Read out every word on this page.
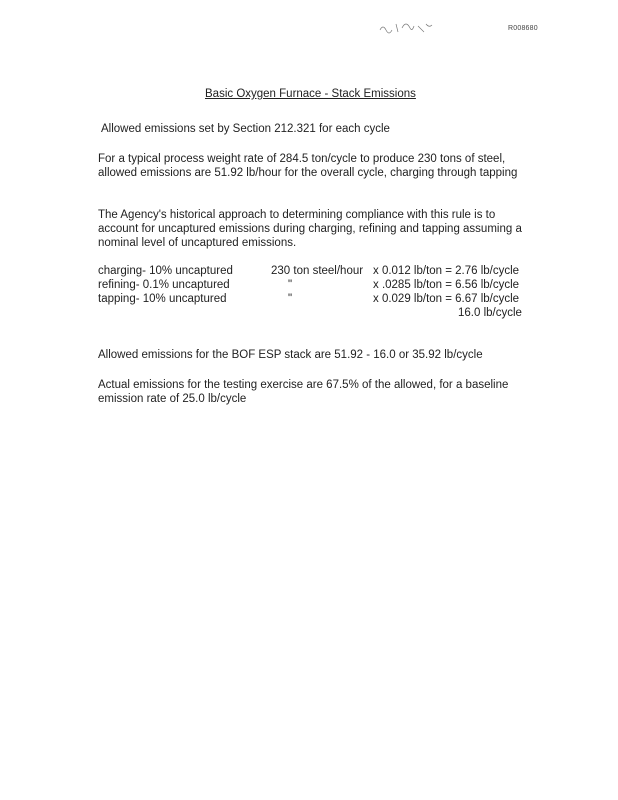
R008680
Basic Oxygen Furnace - Stack Emissions
Allowed emissions set by Section 212.321 for each cycle
For a typical process weight rate of 284.5 ton/cycle to produce 230 tons of steel, allowed emissions are 51.92 lb/hour for the overall cycle, charging through tapping
The Agency's historical approach to determining compliance with this rule is to account for uncaptured emissions during charging, refining and tapping assuming a nominal level of uncaptured emissions.
charging- 10% uncaptured	230 ton steel/hour x 0.012 lb/ton = 2.76 lb/cycle
refining- 0.1% uncaptured	"	x .0285 lb/ton = 6.56 lb/cycle
tapping- 10% uncaptured	"	x 0.029 lb/ton = 6.67 lb/cycle
16.0 lb/cycle
Allowed emissions for the BOF ESP stack are 51.92 - 16.0 or 35.92 lb/cycle
Actual emissions for the testing exercise are 67.5% of the allowed, for a baseline emission rate of 25.0 lb/cycle
